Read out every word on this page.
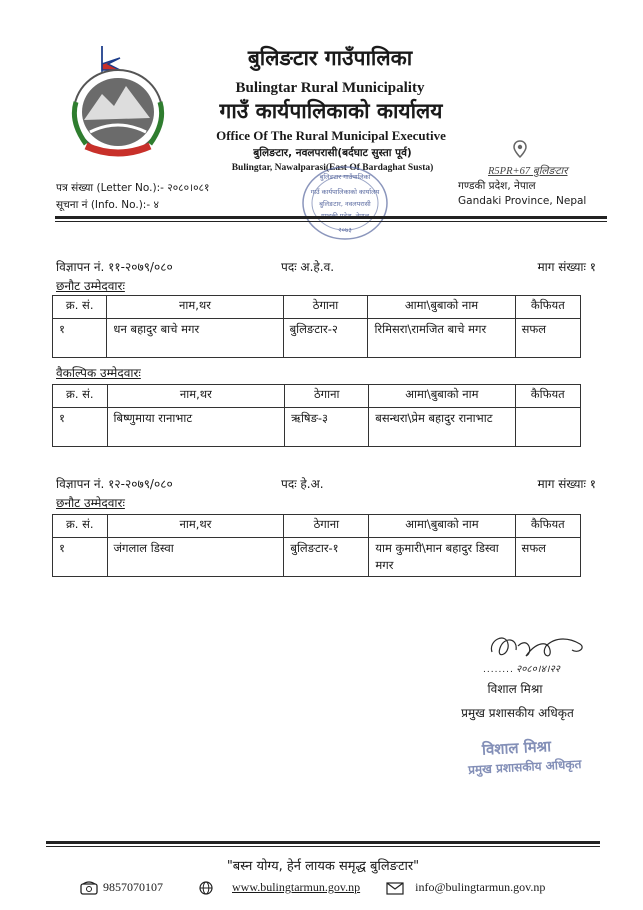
बुलिङटार गाउँपालिका
Bulingtar Rural Municipality
गाउँ कार्यपालिकाको कार्यालय
Office Of The Rural Municipal Executive
बुलिङटार, नवलपरासी(बर्दघाट सुस्ता पूर्व)
Bulingtar, Nawalparasi(East Of Bardaghat Susta)
पत्र संख्या (Letter No.):- २०८०।०८१
सूचना नं (Info. No.):- ४
R5PR+67 बुलिङटार
गण्डकी प्रदेश, नेपाल
Gandaki Province, Nepal
बुलिङटार गाउँपालिका
गाउँ कार्यपालिकाको कार्यालय
बुलिङटार, नवलपरासी
२०७३
विज्ञापन नं. ११-२०७९/०८०	पदः अ.हे.व.	माग संख्याः १
छनौट उम्मेदवारः
क्र. सं.	नाम,थर	ठेगाना	आमा\बुबाको नाम	कैफियत
१	धन बहादुर बाचे मगर	बुलिङटार-२	रिमिसरा\रामजित बाचे मगर	सफल
वैकल्पिक उम्मेदवारः
क्र. सं.	नाम,थर	ठेगाना	आमा\बुबाको नाम	कैफियत
१	बिष्णुमाया रानाभाट	ऋषिङ-३	बसन्धरा\प्रेम बहादुर रानाभाट	
विज्ञापन नं. १२-२०७९/०८०	पदः हे.अ.	माग संख्याः १
छनौट उम्मेदवारः
क्र. सं.	नाम,थर	ठेगाना	आमा\बुबाको नाम	कैफियत
१	जंगलाल डिस्वा	बुलिङटार-१	याम कुमारी\मान बहादुर डिस्वा मगर	सफल
२०८०।४।२२
........
विशाल मिश्रा
प्रमुख प्रशासकीय अधिकृत
विशाल मिश्रा
प्रमुख प्रशासकीय अधिकृत
"बस्न योग्य, हेर्न लायक समृद्ध बुलिङटार"
9857070107	www.bulingtarmun.gov.np	info@bulingtarmun.gov.np
